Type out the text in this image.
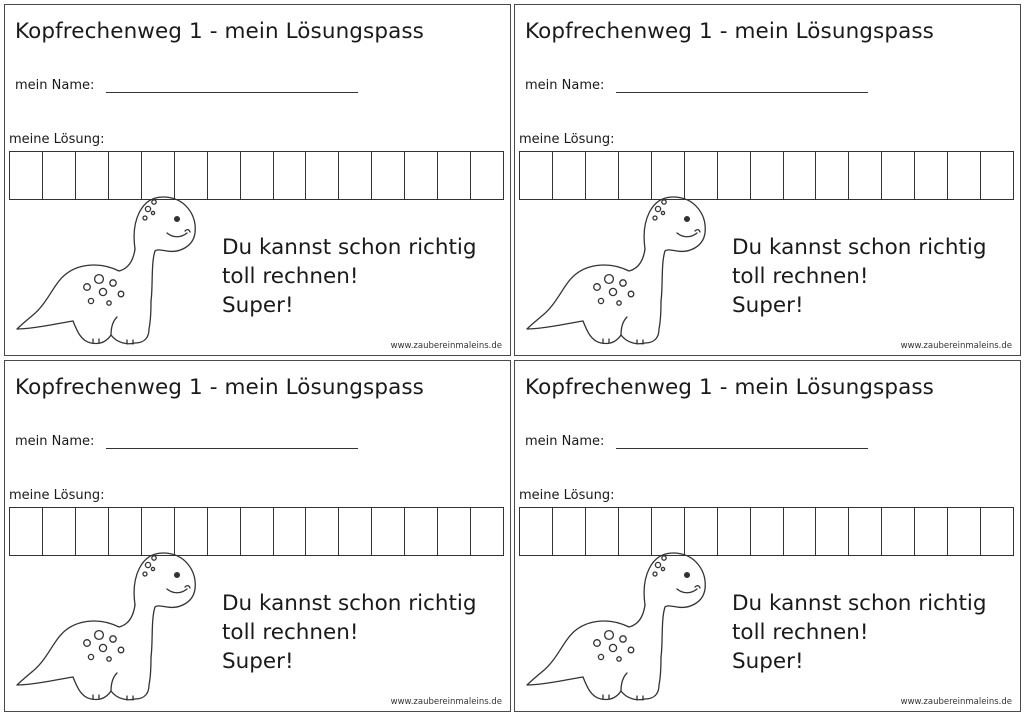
Kopfrechenweg 1 - mein Lösungspass
mein Name:
meine Lösung:
Du kannst schon richtig
toll rechnen!
Super!
www.zaubereinmaleins.de
Kopfrechenweg 1 - mein Lösungspass
mein Name:
meine Lösung:
Du kannst schon richtig
toll rechnen!
Super!
www.zaubereinmaleins.de
Kopfrechenweg 1 - mein Lösungspass
mein Name:
meine Lösung:
Du kannst schon richtig
toll rechnen!
Super!
www.zaubereinmaleins.de
Kopfrechenweg 1 - mein Lösungspass
mein Name:
meine Lösung:
Du kannst schon richtig
toll rechnen!
Super!
www.zaubereinmaleins.de
